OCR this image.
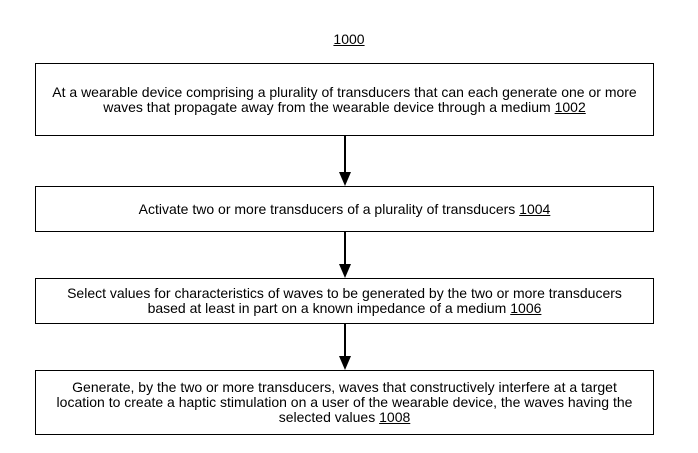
1000

At a wearable device comprising a plurality of transducers that can each generate one or more waves that propagate away from the wearable device through a medium 1002

Activate two or more transducers of a plurality of transducers 1004

Select values for characteristics of waves to be generated by the two or more transducers based at least in part on a known impedance of a medium 1006

Generate, by the two or more transducers, waves that constructively interfere at a target location to create a haptic stimulation on a user of the wearable device, the waves having the selected values 1008
